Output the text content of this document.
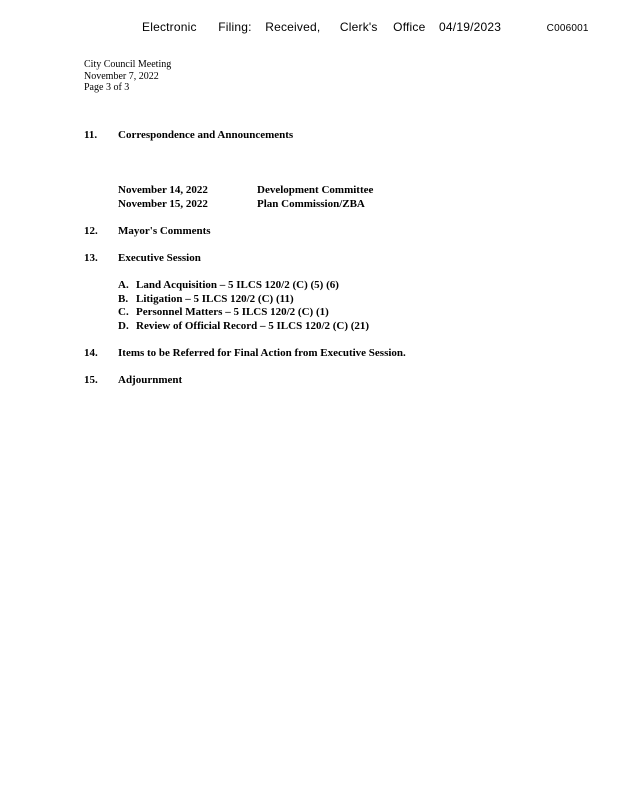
Electronic Filing: Received, Clerk's Office 04/19/2023	C006001
City Council Meeting
November 7, 2022
Page 3 of 3
11. Correspondence and Announcements
November 14, 2022	Development Committee
November 15, 2022	Plan Commission/ZBA
12. Mayor's Comments
13. Executive Session
A. Land Acquisition – 5 ILCS 120/2 (C) (5) (6)
B. Litigation – 5 ILCS 120/2 (C) (11)
C. Personnel Matters – 5 ILCS 120/2 (C) (1)
D. Review of Official Record – 5 ILCS 120/2 (C) (21)
14. Items to be Referred for Final Action from Executive Session.
15. Adjournment
